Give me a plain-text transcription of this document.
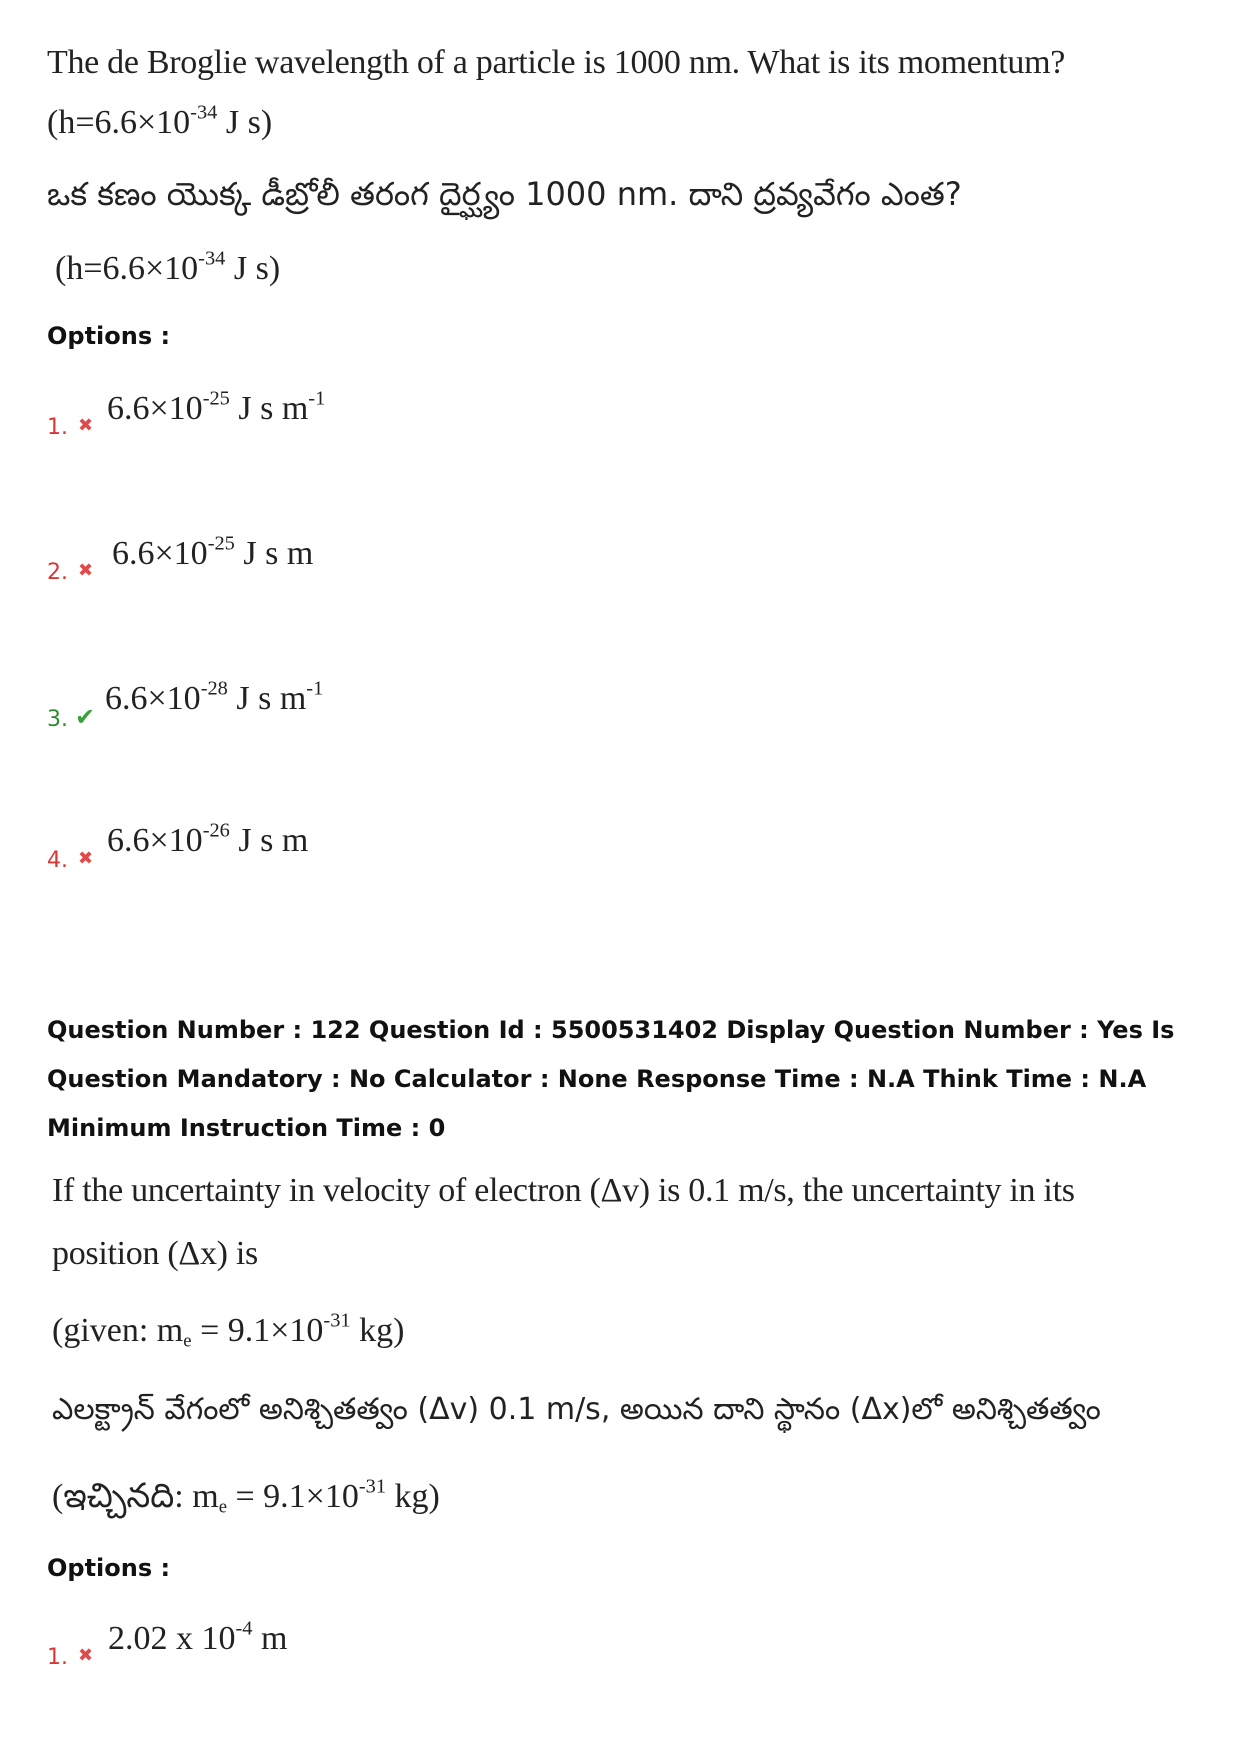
The de Broglie wavelength of a particle is 1000 nm. What is its momentum?
($h=6.6\times 10^{-34}$ J s)
ఒక కణం యొక్క డీబ్రోలీ తరంగ దైర్ఘ్యం 1000 nm. దాని ద్రవ్యవేగం ఎంత?
($h=6.6\times 10^{-34}$ J s)
Options :
1. ✖ $6.6\times 10^{-25}$ J s $m^{-1}$
2. ✖ $6.6\times 10^{-25}$ J s m
3. ✔ $6.6\times 10^{-28}$ J s $m^{-1}$
4. ✖ $6.6\times 10^{-26}$ J s m
Question Number : 122 Question Id : 5500531402 Display Question Number : Yes Is Question Mandatory : No Calculator : None Response Time : N.A Think Time : N.A Minimum Instruction Time : 0
If the uncertainty in velocity of electron (Δv) is 0.1 m/s, the uncertainty in its
position (Δx) is
(given: $m_e = 9.1\times 10^{-31}$ kg)
ఎలక్ట్రాన్ వేగంలో అనిశ్చితత్వం (Δv) 0.1 m/s, అయిన దాని స్థానం (Δx)లో అనిశ్చితత్వం
(ఇచ్చినది: $m_e = 9.1\times 10^{-31}$ kg)
Options :
1. ✖ 2.02 x $10^{-4}$ m
